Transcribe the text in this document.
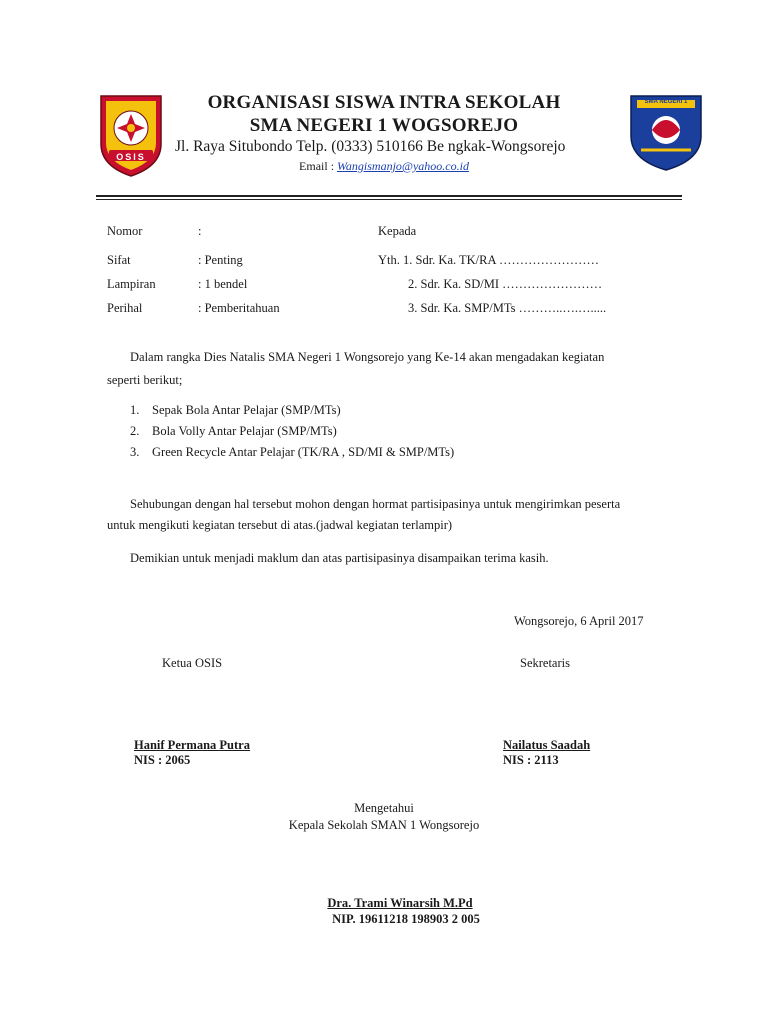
OSIS
SMA NEGERI 1
ORGANISASI SISWA INTRA SEKOLAH
SMA NEGERI 1 WOGSOREJO
Jl. Raya Situbondo Telp. (0333) 510166 Be ngkak-Wongsorejo
Email : Wangismanjo@yahoo.co.id
Nomor	:
Sifat	: Penting
Lampiran	: 1 bendel
Perihal	: Pemberitahuan
Kepada
Yth. 1. Sdr. Ka. TK/RA ……………………
2. Sdr. Ka. SD/MI ……………………
3. Sdr. Ka. SMP/MTs ………..….….....
Dalam rangka Dies Natalis SMA Negeri 1 Wongsorejo yang Ke-14 akan mengadakan kegiatan
seperti berikut;
1. Sepak Bola Antar Pelajar (SMP/MTs)
2. Bola Volly Antar Pelajar (SMP/MTs)
3. Green Recycle Antar Pelajar (TK/RA , SD/MI & SMP/MTs)
Sehubungan dengan hal tersebut mohon dengan hormat partisipasinya untuk mengirimkan peserta
untuk mengikuti kegiatan tersebut di atas.(jadwal kegiatan terlampir)
Demikian untuk menjadi maklum dan atas partisipasinya disampaikan terima kasih.
Wongsorejo, 6 April 2017
Ketua OSIS	Sekretaris
Hanif Permana Putra
NIS : 2065
Nailatus Saadah
NIS : 2113
Mengetahui
Kepala Sekolah SMAN 1 Wongsorejo
Dra. Trami Winarsih M.Pd
NIP. 19611218 198903 2 005
